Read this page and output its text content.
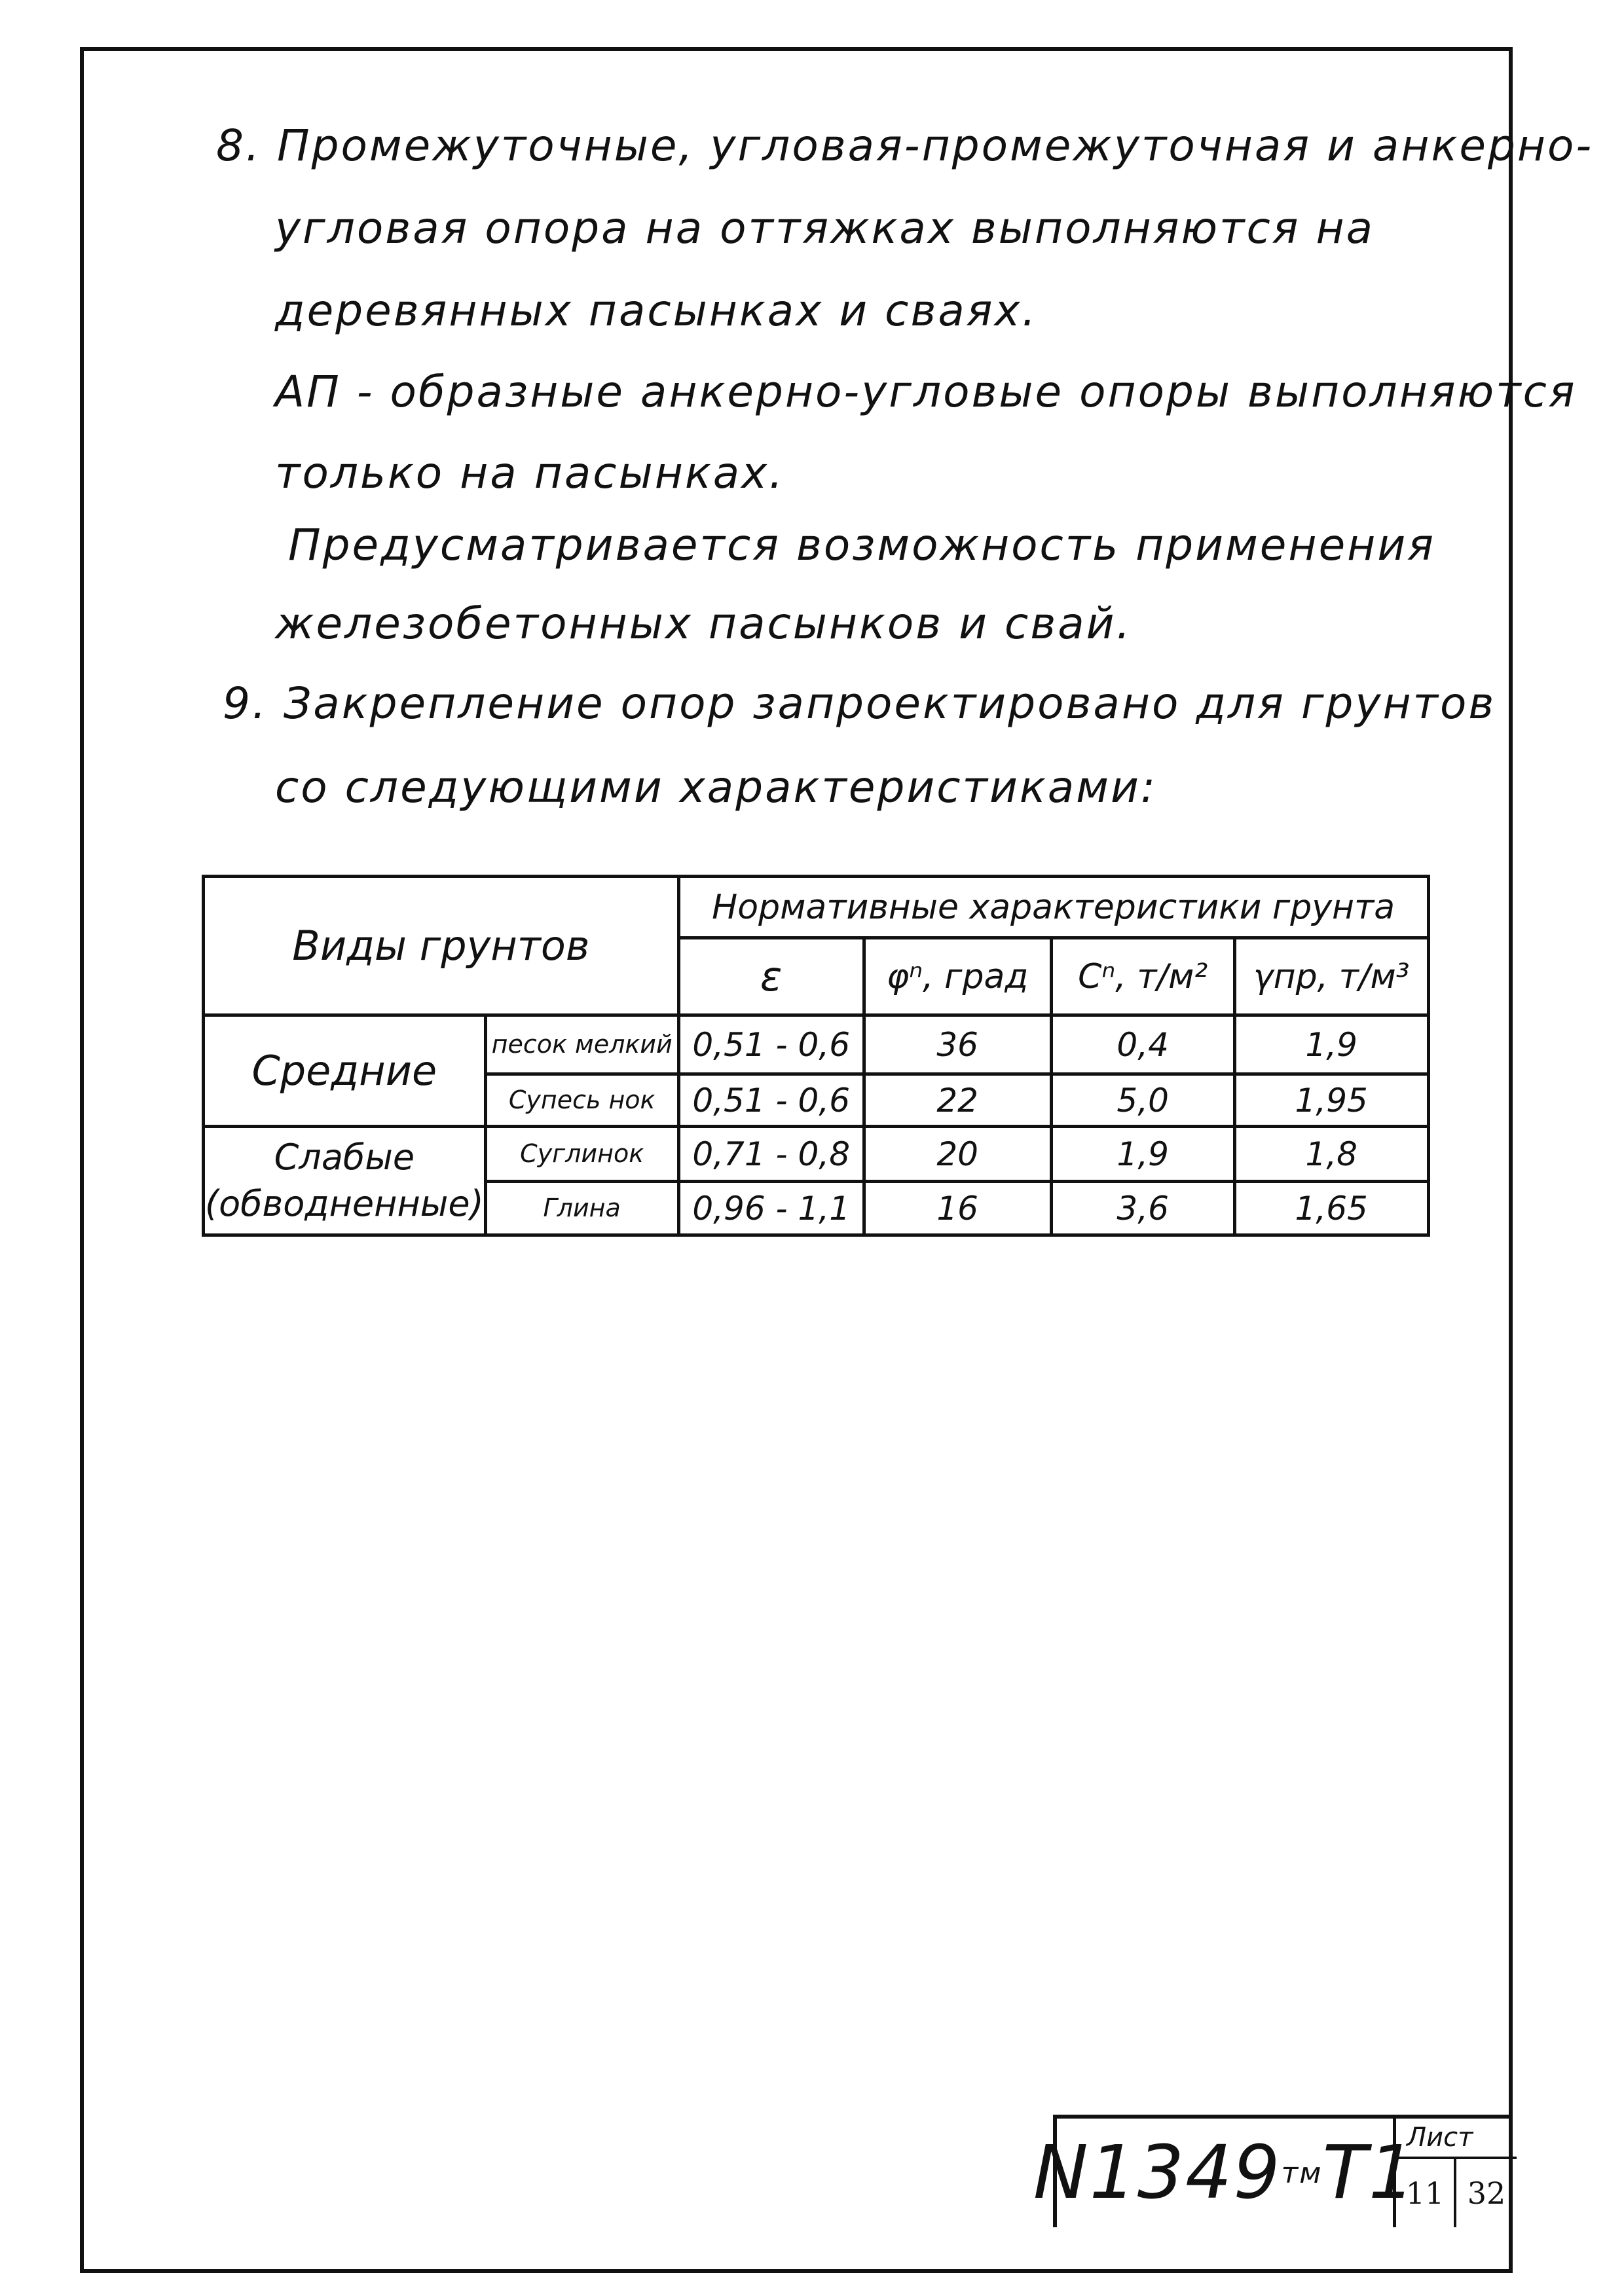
8. Промежуточные, угловая-промежуточная и анкерно-
угловая опора на оттяжках выполняются на
деревянных пасынках и сваях.
АП - образные анкерно-угловые опоры выполняются
только на пасынках.
Предусматривается возможность применения
железобетонных пасынков и свай.
9. Закрепление опор запроектировано для грунтов
со следующими характеристиками:
Виды грунтов		Нормативные характеристики грунта			
		ε	φⁿ, град	Cⁿ, т/м²	γпр, т/м³
Средние	песок мелкий	0,51 - 0,6	36	0,4	1,9
	Супесь нок	0,51 - 0,6	22	5,0	1,95
Слабые (обводненные)	Суглинок	0,71 - 0,8	20	1,9	1,8
	Глина	0,96 - 1,1	16	3,6	1,65
N1349 тм Т1
Лист
11 32
